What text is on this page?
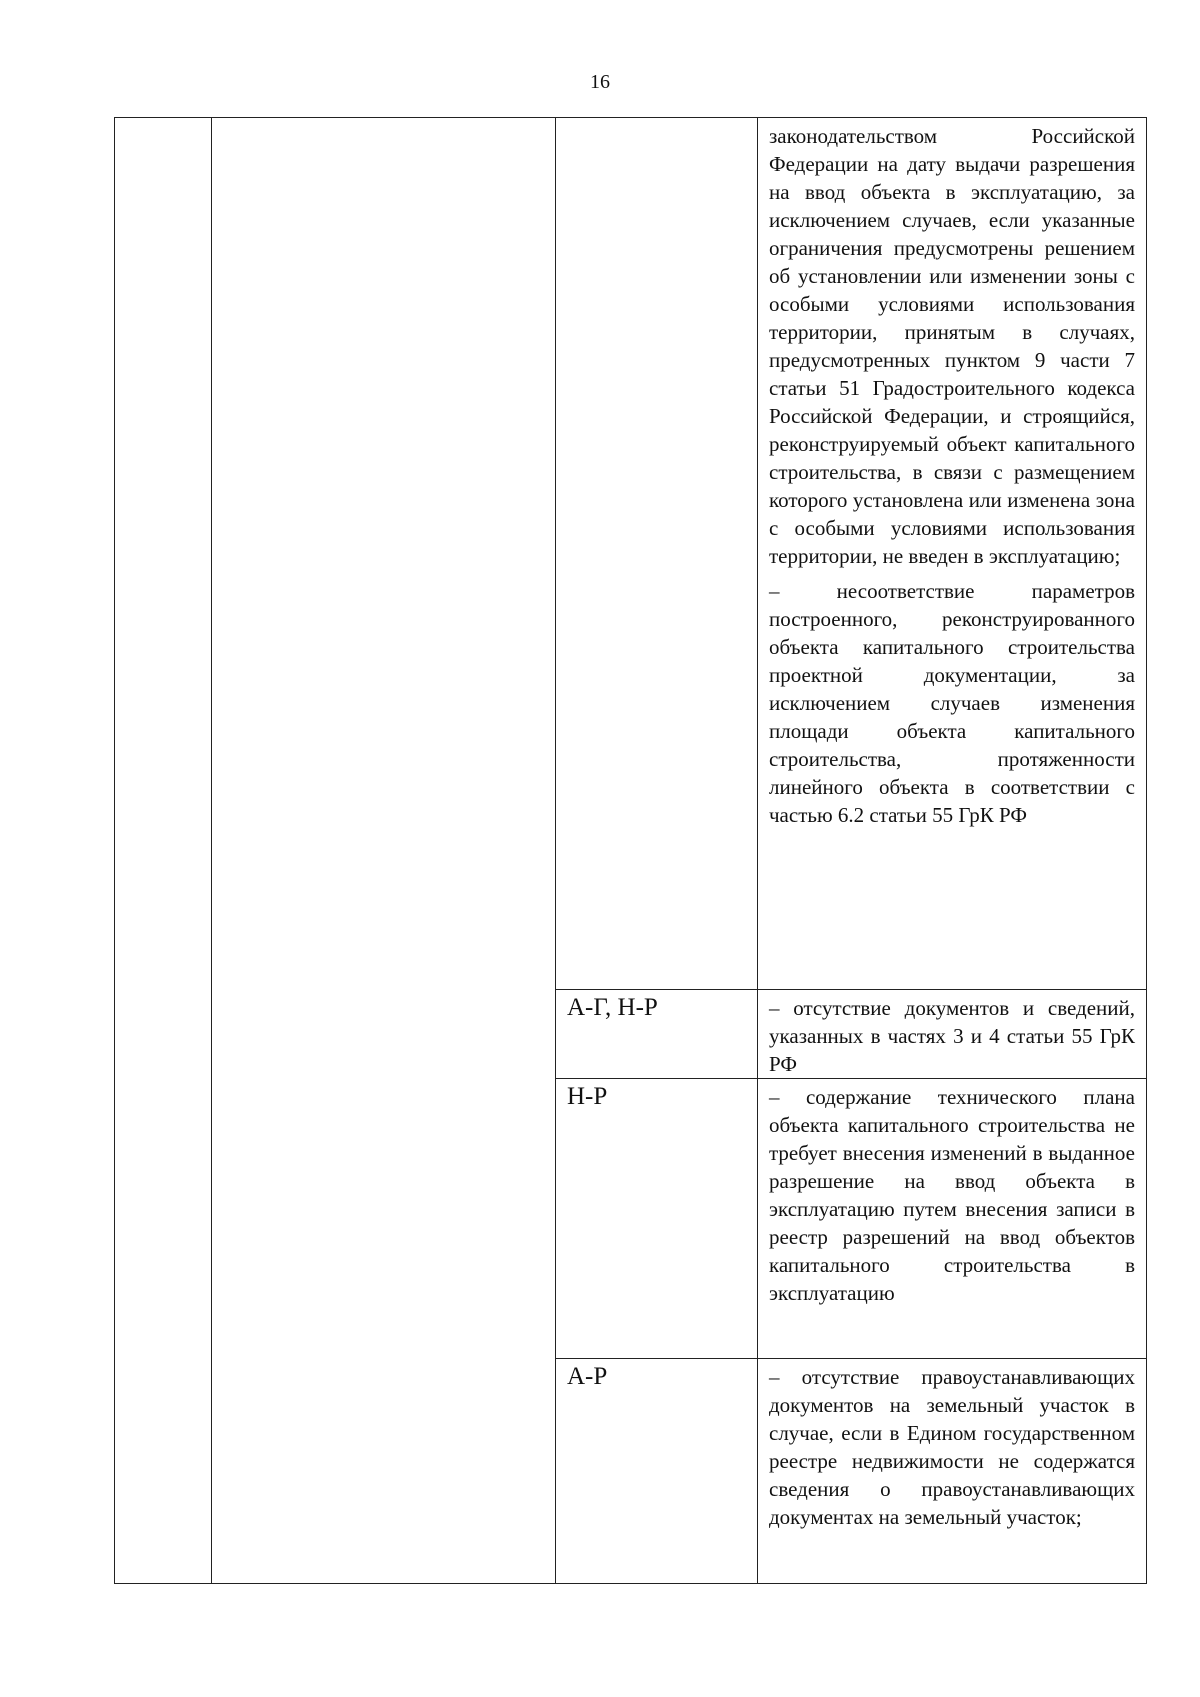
16

			законодательством Российской Федерации на дату выдачи разрешения на ввод объекта в эксплуатацию, за исключением случаев, если указанные ограничения предусмотрены решением об установлении или изменении зоны с особыми условиями использования территории, принятым в случаях, предусмотренных пунктом 9 части 7 статьи 51 Градостроительного кодекса Российской Федерации, и строящийся, реконструируемый объект капитального строительства, в связи с размещением которого установлена или изменена зона с особыми условиями использования территории, не введен в эксплуатацию;

– несоответствие параметров построенного, реконструированного объекта капитального строительства проектной документации, за исключением случаев изменения площади объекта капитального строительства, протяженности линейного объекта в соответствии с частью 6.2 статьи 55 ГрК РФ

		А-Г, Н-Р	– отсутствие документов и сведений, указанных в частях 3 и 4 статьи 55 ГрК РФ

		Н-Р	– содержание технического плана объекта капитального строительства не требует внесения изменений в выданное разрешение на ввод объекта в эксплуатацию путем внесения записи в реестр разрешений на ввод объектов капитального строительства в эксплуатацию

		А-Р	– отсутствие правоустанавливающих документов на земельный участок в случае, если в Едином государственном реестре недвижимости не содержатся сведения о правоустанавливающих документах на земельный участок;
